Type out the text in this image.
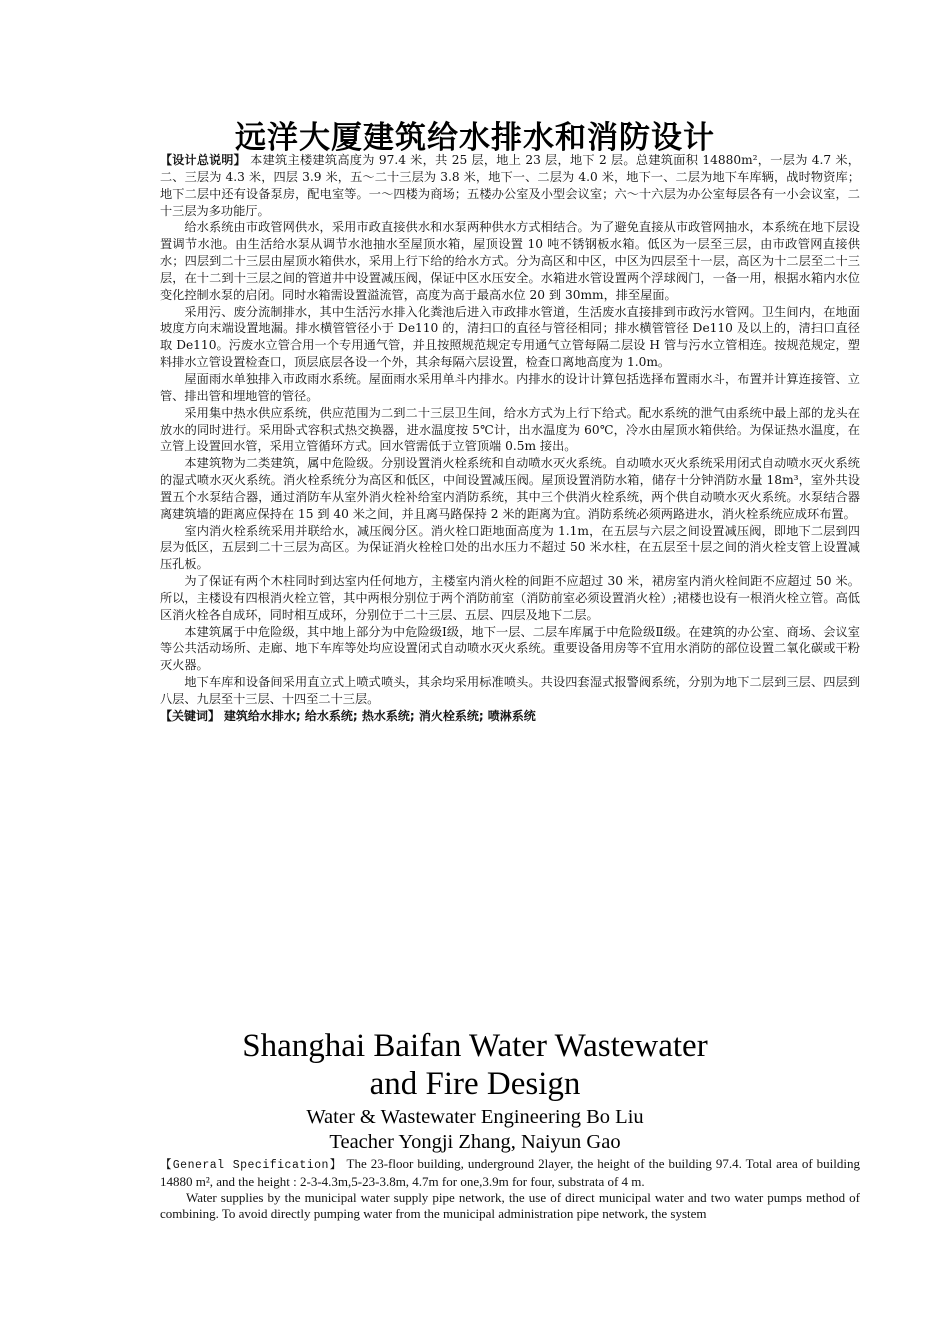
远洋大厦建筑给水排水和消防设计

【设计总说明】 本建筑主楼建筑高度为 97.4 米，共 25 层，地上 23 层，地下 2 层。总建筑面积 14880m²，一层为 4.7 米，二、三层为 4.3 米，四层 3.9 米，五～二十三层为 3.8 米，地下一、二层为 4.0 米，地下一、二层为地下车库辆，战时物资库；地下二层中还有设备泵房，配电室等。一～四楼为商场；五楼办公室及小型会议室；六～十六层为办公室每层各有一小会议室，二十三层为多功能厅。

给水系统由市政管网供水，采用市政直接供水和水泵两种供水方式相结合。为了避免直接从市政管网抽水，本系统在地下层设置调节水池。由生活给水泵从调节水池抽水至屋顶水箱，屋顶设置 10 吨不锈钢板水箱。低区为一层至三层，由市政管网直接供水；四层到二十三层由屋顶水箱供水，采用上行下给的给水方式。分为高区和中区，中区为四层至十一层，高区为十二层至二十三层，在十二到十三层之间的管道井中设置减压阀，保证中区水压安全。水箱进水管设置两个浮球阀门，一备一用，根据水箱内水位变化控制水泵的启闭。同时水箱需设置溢流管，高度为高于最高水位 20 到 30mm，排至屋面。

采用污、废分流制排水，其中生活污水排入化粪池后进入市政排水管道，生活废水直接排到市政污水管网。卫生间内，在地面坡度方向末端设置地漏。排水横管管径小于 De110 的，清扫口的直径与管径相同；排水横管管径 De110 及以上的，清扫口直径取 De110。污废水立管合用一个专用通气管，并且按照规范规定专用通气立管每隔二层设 H 管与污水立管相连。按规范规定，塑料排水立管设置检查口，顶层底层各设一个外，其余每隔六层设置，检查口离地高度为 1.0m。

屋面雨水单独排入市政雨水系统。屋面雨水采用单斗内排水。内排水的设计计算包括选择布置雨水斗，布置并计算连接管、立管、排出管和埋地管的管径。

采用集中热水供应系统，供应范围为二到二十三层卫生间，给水方式为上行下给式。配水系统的泄气由系统中最上部的龙头在放水的同时进行。采用卧式容积式热交换器，进水温度按 5℃计，出水温度为 60℃，冷水由屋顶水箱供给。为保证热水温度，在立管上设置回水管，采用立管循环方式。回水管需低于立管顶端 0.5m 接出。

本建筑物为二类建筑，属中危险级。分别设置消火栓系统和自动喷水灭火系统。自动喷水灭火系统采用闭式自动喷水灭火系统的湿式喷水灭火系统。消火栓系统分为高区和低区，中间设置减压阀。屋顶设置消防水箱，储存十分钟消防水量 18m³，室外共设置五个水泵结合器，通过消防车从室外消火栓补给室内消防系统，其中三个供消火栓系统，两个供自动喷水灭火系统。水泵结合器离建筑墙的距离应保持在 15 到 40 米之间，并且离马路保持 2 米的距离为宜。消防系统必须两路进水，消火栓系统应成环布置。

室内消火栓系统采用并联给水，减压阀分区。消火栓口距地面高度为 1.1m，在五层与六层之间设置减压阀，即地下二层到四层为低区，五层到二十三层为高区。为保证消火栓栓口处的出水压力不超过 50 米水柱，在五层至十层之间的消火栓支管上设置减压孔板。

为了保证有两个木柱同时到达室内任何地方，主楼室内消火栓的间距不应超过 30 米，裙房室内消火栓间距不应超过 50 米。所以，主楼设有四根消火栓立管，其中两根分别位于两个消防前室（消防前室必须设置消火栓）;裙楼也设有一根消火栓立管。高低区消火栓各自成环，同时相互成环，分别位于二十三层、五层、四层及地下二层。

本建筑属于中危险级，其中地上部分为中危险级Ⅰ级，地下一层、二层车库属于中危险级Ⅱ级。在建筑的办公室、商场、会议室等公共活动场所、走廊、地下车库等处均应设置闭式自动喷水灭火系统。重要设备用房等不宜用水消防的部位设置二氧化碳或干粉灭火器。

地下车库和设备间采用直立式上喷式喷头，其余均采用标准喷头。共设四套湿式报警阀系统，分别为地下二层到三层、四层到八层、九层至十三层、十四至二十三层。

【关键词】 建筑给水排水; 给水系统; 热水系统; 消火栓系统; 喷淋系统

Shanghai Baifan Water Wastewater
and Fire Design
Water & Wastewater Engineering Bo Liu
Teacher Yongji Zhang, Naiyun Gao

【General Specification】 The 23-floor building, underground 2layer, the height of the building 97.4. Total area of building 14880 m², and the height : 2-3-4.3m,5-23-3.8m, 4.7m for one,3.9m for four, substrata of 4 m.

Water supplies by the municipal water supply pipe network, the use of direct municipal water and two water pumps method of combining. To avoid directly pumping water from the municipal administration pipe network, the system
